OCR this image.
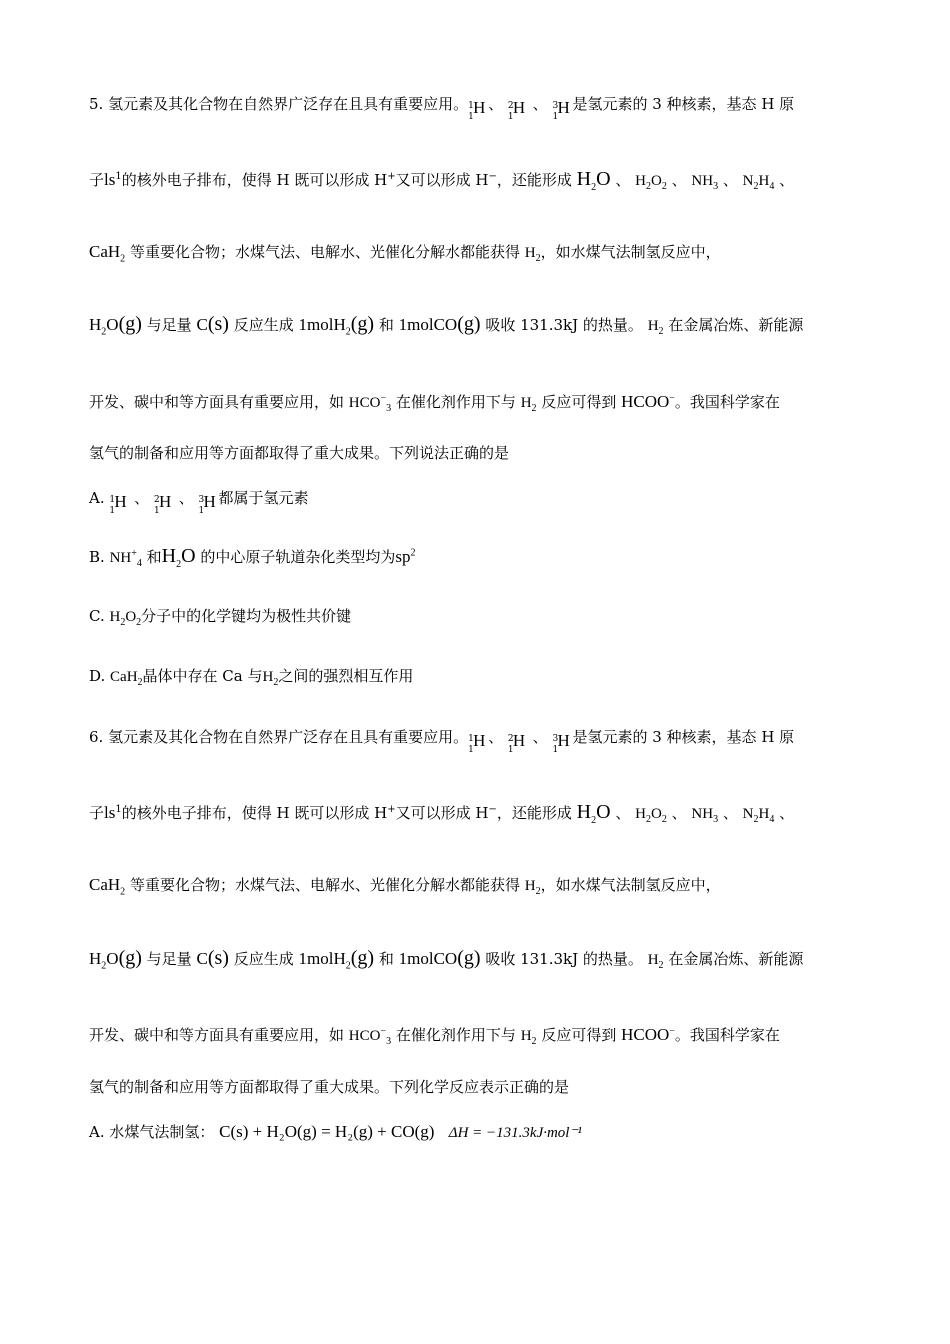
5. 氢元素及其化合物在自然界广泛存在且具有重要应用。 1
1 H 、 2
1 H 、 3
1 H 是氢元素的 3 种核素，基态 H 原
子$ls^1$的核外电子排布，使得 H 既可以形成 H+又可以形成 H−，还能形成 $H_2O$ 、 $H_2O_2$ 、 $NH_3$ 、 $N_2H_4$ 、
CaH$_2$ 等重要化合物；水煤气法、电解水、光催化分解水都能获得 $H_2$，如水煤气法制氢反应中，
$H_2O(g)$ 与足量 C(s) 反应生成 1molH$_2$(g) 和 1molCO(g) 吸收 131.3kJ 的热量。 $H_2$ 在金属冶炼、新能源
开发、碳中和等方面具有重要应用，如 $HCO^-_3$ 在催化剂作用下与 $H_2$ 反应可得到 HCOO−。我国科学家在
氢气的制备和应用等方面都取得了重大成果。下列说法正确的是
A. 1
1 H 、 2
1 H 、 3
1 H 都属于氢元素
B. $NH^+_4$ 和$H_2O$ 的中心原子轨道杂化类型均为$sp^2$
C. $H_2O_2$分子中的化学键均为极性共价键
D. CaH$_2$晶体中存在 Ca 与$H_2$之间的强烈相互作用
6. 氢元素及其化合物在自然界广泛存在且具有重要应用。 1
1 H 、 2
1 H 、 3
1 H 是氢元素的 3 种核素，基态 H 原
子$ls^1$的核外电子排布，使得 H 既可以形成 H+又可以形成 H−，还能形成 $H_2O$ 、 $H_2O_2$ 、 $NH_3$ 、 $N_2H_4$ 、
CaH$_2$ 等重要化合物；水煤气法、电解水、光催化分解水都能获得 $H_2$，如水煤气法制氢反应中，
$H_2O(g)$ 与足量 C(s) 反应生成 1molH$_2$(g) 和 1molCO(g) 吸收 131.3kJ 的热量。 $H_2$ 在金属冶炼、新能源
开发、碳中和等方面具有重要应用，如 $HCO^-_3$ 在催化剂作用下与 $H_2$ 反应可得到 HCOO−。我国科学家在
氢气的制备和应用等方面都取得了重大成果。下列化学反应表示正确的是
A. 水煤气法制氢： C(s) + H₂O(g) = H₂(g) + CO(g) ΔH = −131.3kJ·mol⁻¹
